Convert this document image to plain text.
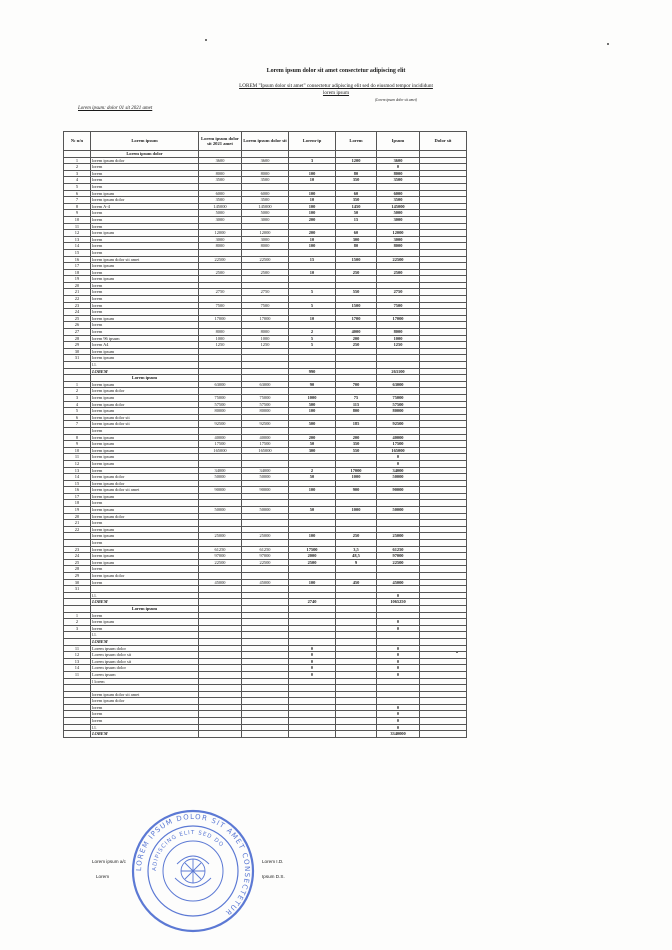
Lorem ipsum dolor sit amet consectetur adipiscing elit
LOREM "Ipsum dolor sit amet" consectetur adipiscing elit sed do eiusmod tempor incididunt
lorem ipsum
(Lorem ipsum dolor sit amet)
Lorem ipsum: dolor 01 sit 2021 amet
№ n/n	Lorem ipsum	Lorem ipsum dolor sit 2021 amet	Lorem ipsum dolor sit	Lorem-ip	Lorem	Ipsum	Dolor sit
	Lorem ipsum dolor						
1	lorem ipsum dolor	3600	3600	3	1200	3600	
2	lorem					0	
3	lorem	8000	8000	100	80	8000	
4	lorem	3500	3500	10	350	3500	
5	lorem						
6	lorem ipsum	6000	6000	100	60	6000	
7	lorem ipsum dolor	3500	3500	10	350	3500	
8	lorem A-4	145000	145000	100	1450	145000	
9	lorem	5000	5000	100	50	5000	
10	lorem	3000	3000	200	15	3000	
11	lorem						
12	lorem ipsum	12000	12000	200	60	12000	
13	lorem	3000	3000	10	300	3000	
14	lorem	8000	8000	100	80	8000	
15	lorem						
16	lorem ipsum dolor sit amet	22500	22500	15	1500	22500	
17	lorem ipsum						
18	lorem	2500	2500	10	250	2500	
19	lorem ipsum						
20	lorem						
21	lorem	2750	2750	5	550	2750	
22	lorem						
23	lorem	7500	7500	5	1500	7500	
24	lorem						
25	lorem ipsum	17000	17000	10	1700	17000	
26	lorem						
27	lorem	8000	8000	2	4000	8000	
28	lorem 96 ipsum	1000	1000	5	200	1000	
29	lorem A4	1250	1250	5	250	1250	
30	lorem ipsum						
31	lorem ipsum						
	l.l.						
	LOREM			990		263100	
	Lorem ipsum						
1	lorem ipsum	63000	63000	90	700	63000	
2	lorem ipsum dolor						
3	lorem ipsum	75000	75000	1000	75	75000	
4	lorem ipsum dolor	57500	57500	500	115	57500	
5	lorem ipsum	80000	80000	100	800	80000	
6	lorem ipsum dolor sit						
7	lorem ipsum dolor sit	92500	92500	500	185	92500	
	lorem						
8	lorem ipsum	40000	40000	200	200	40000	
9	lorem ipsum	17500	17500	50	350	17500	
10	lorem ipsum	165000	165000	300	550	165000	
11	lorem ipsum					0	
12	lorem ipsum					0	
13	lorem	34000	34000	2	17000	34000	
14	lorem ipsum dolor	50000	50000	50	1000	50000	
15	lorem ipsum dolor						
16	lorem ipsum dolor sit amet	90000	90000	100	900	90000	
17	lorem ipsum						
18	lorem						
19	lorem ipsum	50000	50000	50	1000	50000	
20	lorem ipsum dolor						
21	lorem						
22	lorem ipsum						
	lorem ipsum	25000	25000	100	250	25000	
	lorem						
23	lorem ipsum	61250	61250	17500	3,5	61250	
24	lorem ipsum	97000	97000	2000	48,5	97000	
25	lorem ipsum	22500	22500	2500	9	22500	
28	lorem						
29	lorem ipsum dolor						
30	lorem	45000	45000	100	450	45000	
31							
	l.l.					0	
	LOREM			2740		1065250	
	Lorem ipsum						
1	lorem						
2	lorem ipsum					0	
3	lorem					0	
	l.l.						
	LOREM						
11	Lorem ipsum dolor			0		0	
12	Lorem ipsum dolor sit			0		0	
13	Lorem ipsum dolor sit			0		0	
14	Lorem ipsum dolor			0		0	
11	Lorem ipsum			0		0	
	l lorem						

	lorem ipsum dolor sit amet						
	lorem ipsum dolor						
	lorem					0	
	lorem					0	
	lorem					0	
	l.l.					0	
	LOREM					3340000	
Lorem ipsum a/c	Lorem I.D.
Lorem	Ipsum D.S.
LOREM IPSUM DOLOR SIT AMET CONSECTETUR
ADIPISCING ELIT SED DO
